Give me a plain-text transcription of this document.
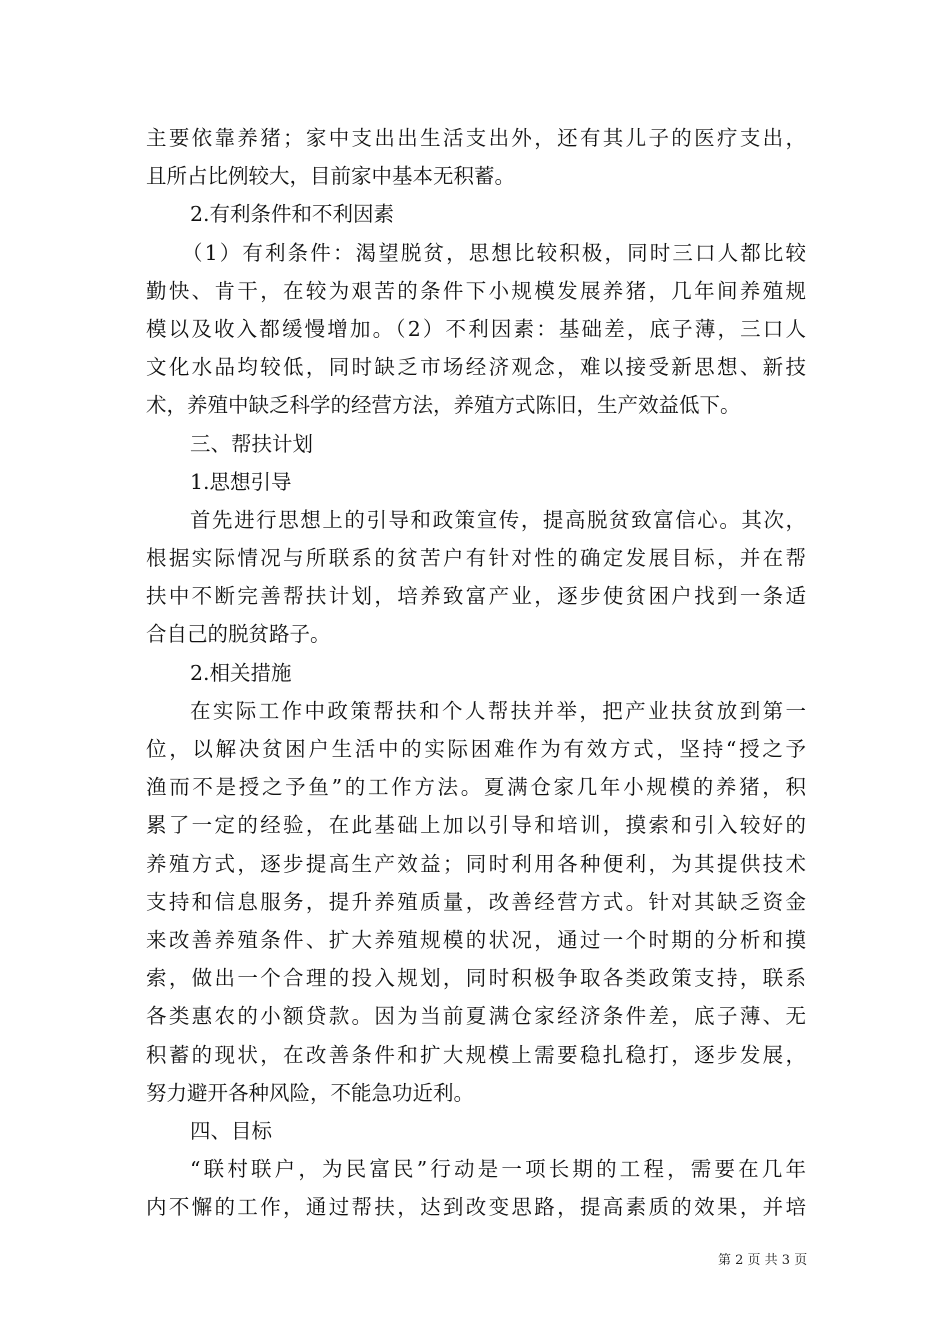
主要依靠养猪；家中支出出生活支出外，还有其儿子的医疗支出，
且所占比例较大，目前家中基本无积蓄。
2.有利条件和不利因素
（1）有利条件：渴望脱贫，思想比较积极，同时三口人都比较
勤快、肯干，在较为艰苦的条件下小规模发展养猪，几年间养殖规
模以及收入都缓慢增加。（2）不利因素：基础差，底子薄，三口人
文化水品均较低，同时缺乏市场经济观念，难以接受新思想、新技
术，养殖中缺乏科学的经营方法，养殖方式陈旧，生产效益低下。
三、帮扶计划
1.思想引导
首先进行思想上的引导和政策宣传，提高脱贫致富信心。其次，
根据实际情况与所联系的贫苦户有针对性的确定发展目标，并在帮
扶中不断完善帮扶计划，培养致富产业，逐步使贫困户找到一条适
合自己的脱贫路子。
2.相关措施
在实际工作中政策帮扶和个人帮扶并举，把产业扶贫放到第一
位，以解决贫困户生活中的实际困难作为有效方式，坚持“授之予
渔而不是授之予鱼”的工作方法。夏满仓家几年小规模的养猪，积
累了一定的经验，在此基础上加以引导和培训，摸索和引入较好的
养殖方式，逐步提高生产效益；同时利用各种便利，为其提供技术
支持和信息服务，提升养殖质量，改善经营方式。针对其缺乏资金
来改善养殖条件、扩大养殖规模的状况，通过一个时期的分析和摸
索，做出一个合理的投入规划，同时积极争取各类政策支持，联系
各类惠农的小额贷款。因为当前夏满仓家经济条件差，底子薄、无
积蓄的现状，在改善条件和扩大规模上需要稳扎稳打，逐步发展，
努力避开各种风险，不能急功近利。
四、目标
“联村联户，为民富民”行动是一项长期的工程，需要在几年
内不懈的工作，通过帮扶，达到改变思路，提高素质的效果，并培
第 2 页 共 3 页
